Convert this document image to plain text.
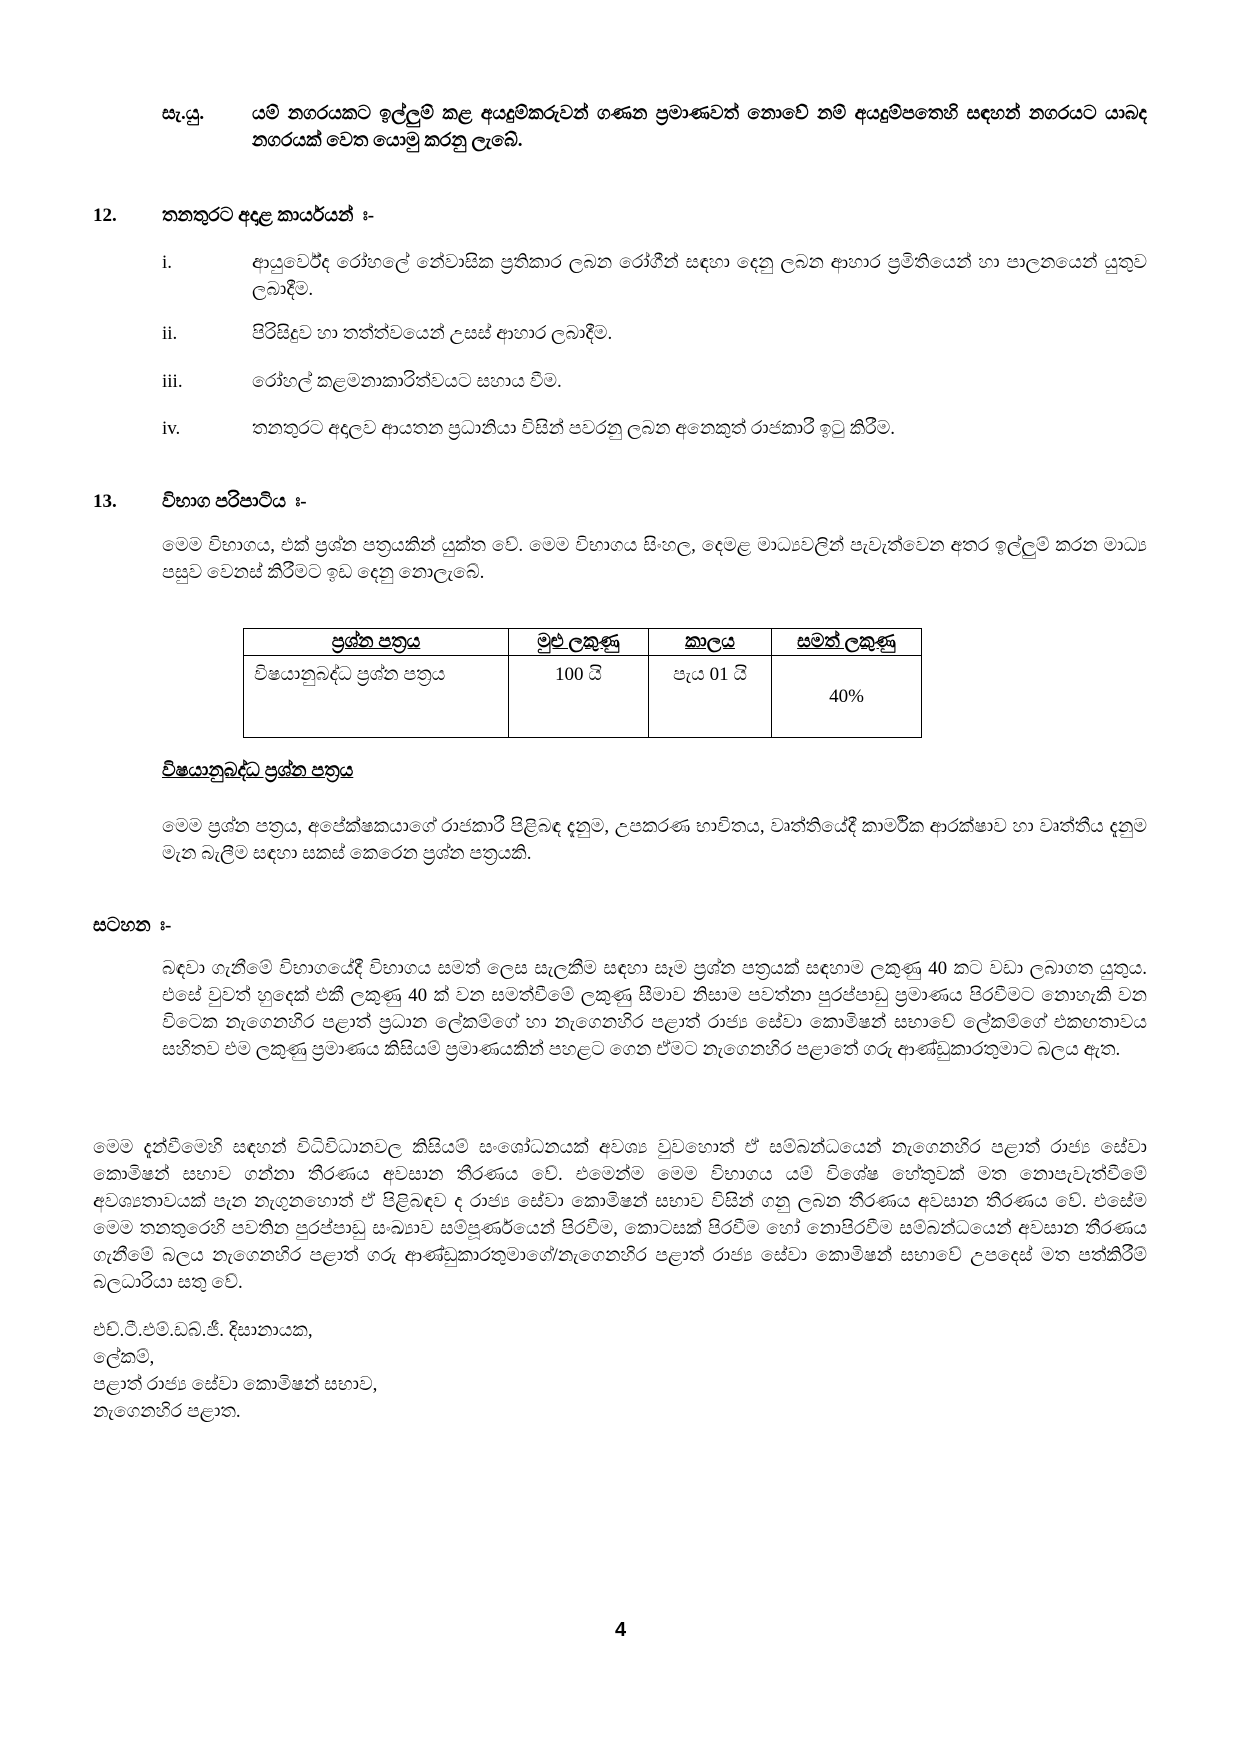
සැ.යු.	යම් නගරයකට ඉල්ලුම් කළ අයදුම්කරුවන් ගණන ප්‍රමාණවත් නොවේ නම් අයදුම්පතෙහි සඳහන් නගරයට යාබද නගරයක් වෙත යොමු කරනු ලැබේ.
12. තනතුරට අදාළ කාර්යයන් ඃ-
i.	ආයුර්වේද රෝහලේ නේවාසික ප්‍රතිකාර ලබන රෝගීන් සඳහා දෙනු ලබන ආහාර ප්‍රමිතියෙන් හා පාලනයෙන් යුතුව ලබාදීම.
ii.	පිරිසිදුව හා තත්ත්වයෙන් උසස් ආහාර ලබාදීම.
iii.	රෝහල් කළමනාකාරිත්වයට සහාය වීම.
iv.	තනතුරට අදාලව ආයතන ප්‍රධානියා විසින් පවරනු ලබන අනෙකුත් රාජකාරී ඉටු කිරීම.
13. විභාග පරිපාටිය ඃ-
මෙම විභාගය, එක් ප්‍රශ්න පත්‍රයකින් යුක්ත වේ. මෙම විභාගය සිංහල, දෙමළ මාධ්‍යවලින් පැවැත්වෙන අතර ඉල්ලුම් කරන මාධ්‍ය පසුව වෙනස් කිරීමට ඉඩ දෙනු නොලැබේ.
ප්‍රශ්න පත්‍රය	මුළු ලකුණු	කාලය	සමත් ලකුණු
විෂයානුබද්ධ ප්‍රශ්න පත්‍රය	100 යි	පැය 01 යි	40%
විෂයානුබද්ධ ප්‍රශ්න පත්‍රය
මෙම ප්‍රශ්න පත්‍රය, අපේක්ෂකයාගේ රාජකාරී පිළිබඳ දැනුම, උපකරණ භාවිතය, වෘත්තියේදී කාර්මික ආරක්ෂාව හා වෘත්තීය දැනුම මැන බැලීම සඳහා සකස් කෙරෙන ප්‍රශ්න පත්‍රයකි.
සටහන ඃ-
බඳවා ගැනීමේ විභාගයේදී විභාගය සමත් ලෙස සැලකීම සඳහා සෑම ප්‍රශ්න පත්‍රයක් සඳහාම ලකුණු 40 කට වඩා ලබාගත යුතුය. එසේ වුවත් හුදෙක් එකී ලකුණු 40 ක් වන සමත්වීමේ ලකුණු සීමාව නිසාම පවත්නා පුරප්පාඩු ප්‍රමාණය පිරවීමට නොහැකි වන විටෙක නැගෙනහිර පළාත් ප්‍රධාන ලේකම්ගේ හා නැගෙනහිර පළාත් රාජ්‍ය සේවා කොමිෂන් සභාවේ ලේකම්ගේ එකඟතාවය සහිතව එම ලකුණු ප්‍රමාණය කිසියම් ප්‍රමාණයකින් පහළට ගෙන ඒමට නැගෙනහිර පළාතේ ගරු ආණ්ඩුකාරතුමාට බලය ඇත.
මෙම දැන්වීමෙහි සඳහන් විධිවිධානවල කිසියම් සංශෝධනයක් අවශ්‍ය වුවහොත් ඒ සම්බන්ධයෙන් නැගෙනහිර පළාත් රාජ්‍ය සේවා කොමිෂන් සභාව ගන්නා තීරණය අවසාන තීරණය වේ. එමෙන්ම මෙම විභාගය යම් විශේෂ හේතුවක් මත නොපැවැත්වීමේ අවශ්‍යතාවයක් පැන නැගුනහොත් ඒ පිළිබඳව ද රාජ්‍ය සේවා කොමිෂන් සභාව විසින් ගනු ලබන තීරණය අවසාන තීරණය වේ. එසේම මෙම තනතුරෙහි පවතින පුරප්පාඩු සංඛ්‍යාව සම්පූර්ණයෙන් පිරවීම, කොටසක් පිරවීම හෝ නොපිරවීම සම්බන්ධයෙන් අවසාන තීරණය ගැනීමේ බලය නැගෙනහිර පළාත් ගරු ආණ්ඩුකාරතුමාගේ/නැගෙනහිර පළාත් රාජ්‍ය සේවා කොමිෂන් සභාවේ උපදෙස් මත පත්කිරීම් බලධාරියා සතු වේ.
එච්.ටී.එම්.ඩබ්.ජී. දිසානායක,
ලේකම්,
පළාත් රාජ්‍ය සේවා කොමිෂන් සභාව,
නැගෙනහිර පළාත.
4
